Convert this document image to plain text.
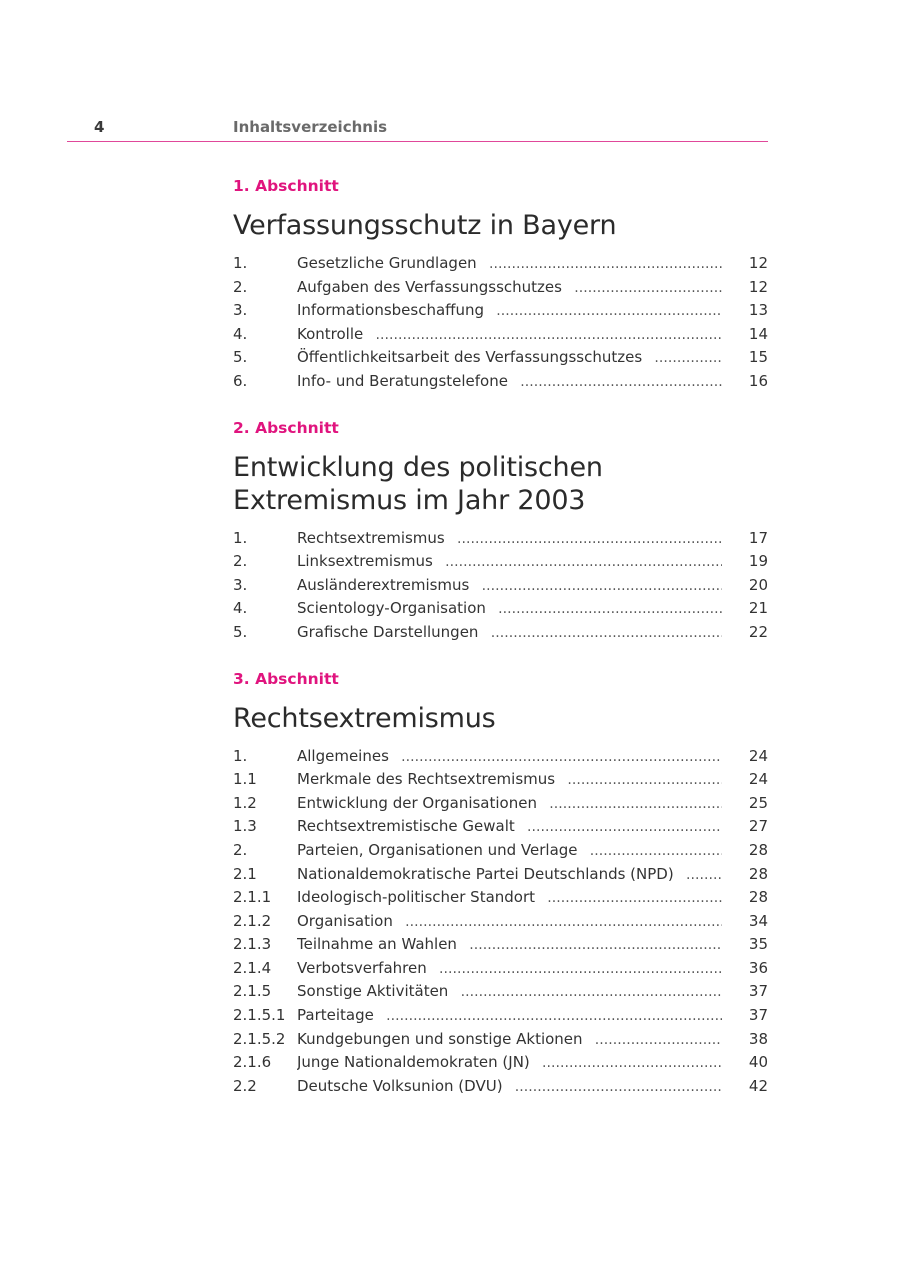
4	Inhaltsverzeichnis
1. Abschnitt
Verfassungsschutz in Bayern
1.	Gesetzliche Grundlagen . . .	12
2.	Aufgaben des Verfassungsschutzes . . .	12
3.	Informationsbeschaffung . . .	13
4.	Kontrolle . . .	14
5.	Öffentlichkeitsarbeit des Verfassungsschutzes . . .	15
6.	Info- und Beratungstelefone . . .	16
2. Abschnitt
Entwicklung des politischen
Extremismus im Jahr 2003
1.	Rechtsextremismus . . .	17
2.	Linksextremismus . . .	19
3.	Ausländerextremismus . . .	20
4.	Scientology-Organisation . . .	21
5.	Grafische Darstellungen . . .	22
3. Abschnitt
Rechtsextremismus
1.	Allgemeines . . .	24
1.1	Merkmale des Rechtsextremismus . . .	24
1.2	Entwicklung der Organisationen . . .	25
1.3	Rechtsextremistische Gewalt . . .	27
2.	Parteien, Organisationen und Verlage . . .	28
2.1	Nationaldemokratische Partei Deutschlands (NPD) . . .	28
2.1.1	Ideologisch-politischer Standort . . .	28
2.1.2	Organisation . . .	34
2.1.3	Teilnahme an Wahlen . . .	35
2.1.4	Verbotsverfahren . . .	36
2.1.5	Sonstige Aktivitäten . . .	37
2.1.5.1 Parteitage . . .	37
2.1.5.2 Kundgebungen und sonstige Aktionen . . .	38
2.1.6	Junge Nationaldemokraten (JN) . . .	40
2.2	Deutsche Volksunion (DVU) . . .	42
